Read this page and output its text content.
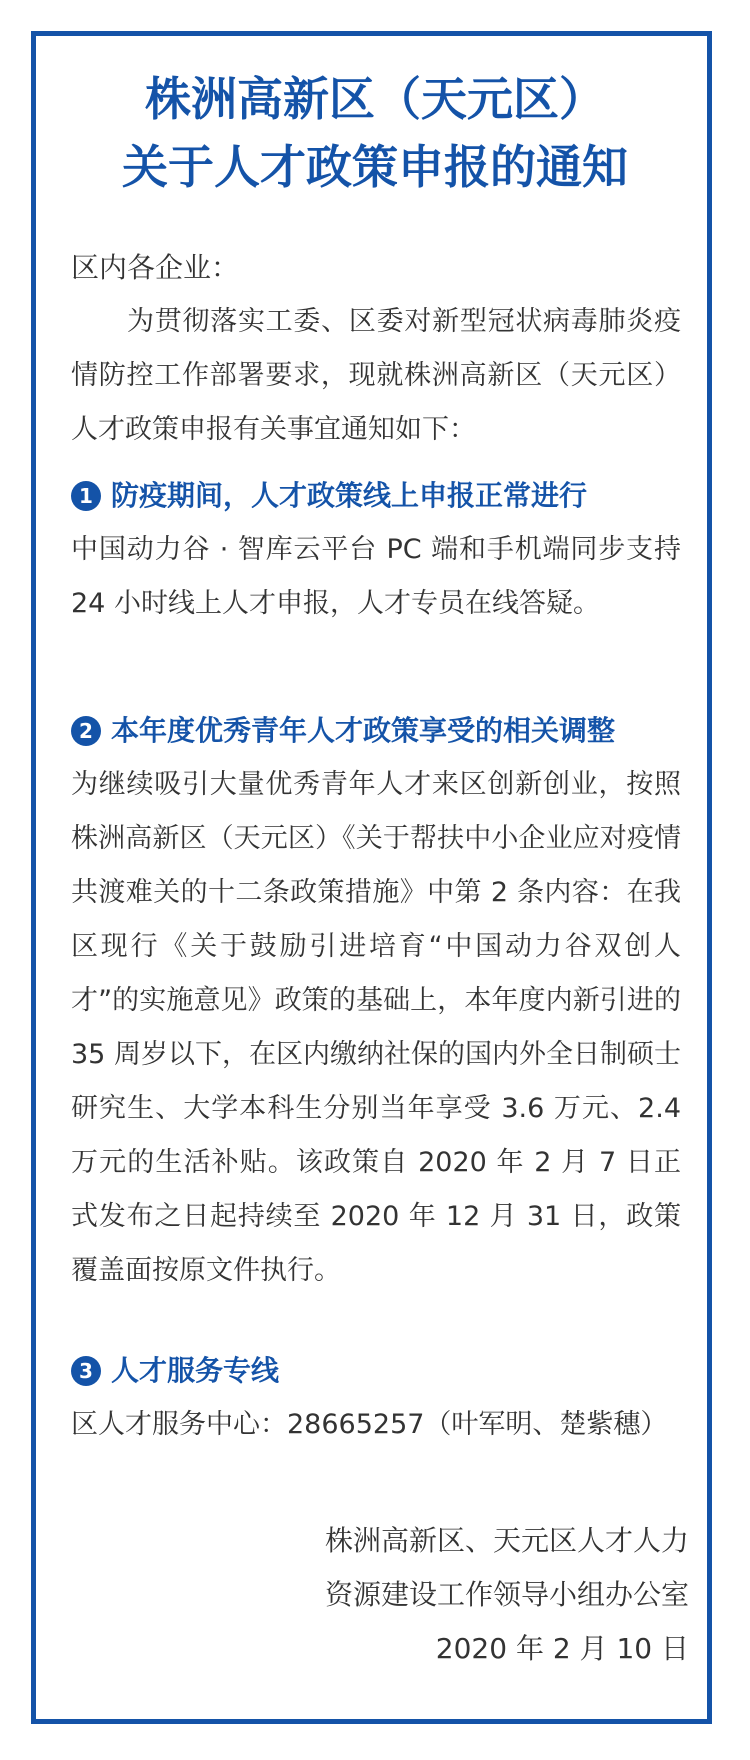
株洲高新区（天元区）
关于人才政策申报的通知
区内各企业：

为贯彻落实工委、区委对新型冠状病毒肺炎疫情防控工作部署要求，现就株洲高新区（天元区）人才政策申报有关事宜通知如下：

1 防疫期间，人才政策线上申报正常进行

中国动力谷 · 智库云平台 PC 端和手机端同步支持 24 小时线上人才申报，人才专员在线答疑。

2 本年度优秀青年人才政策享受的相关调整

为继续吸引大量优秀青年人才来区创新创业，按照株洲高新区（天元区）《关于帮扶中小企业应对疫情共渡难关的十二条政策措施》中第 2 条内容：在我区现行《关于鼓励引进培育“中国动力谷双创人才”的实施意见》政策的基础上，本年度内新引进的 35 周岁以下，在区内缴纳社保的国内外全日制硕士研究生、大学本科生分别当年享受 3.6 万元、2.4 万元的生活补贴。该政策自 2020 年 2 月 7 日正式发布之日起持续至 2020 年 12 月 31 日，政策覆盖面按原文件执行。

3 人才服务专线

区人才服务中心：28665257（叶军明、楚紫穗）

株洲高新区、天元区人才人力
资源建设工作领导小组办公室
2020 年 2 月 10 日
